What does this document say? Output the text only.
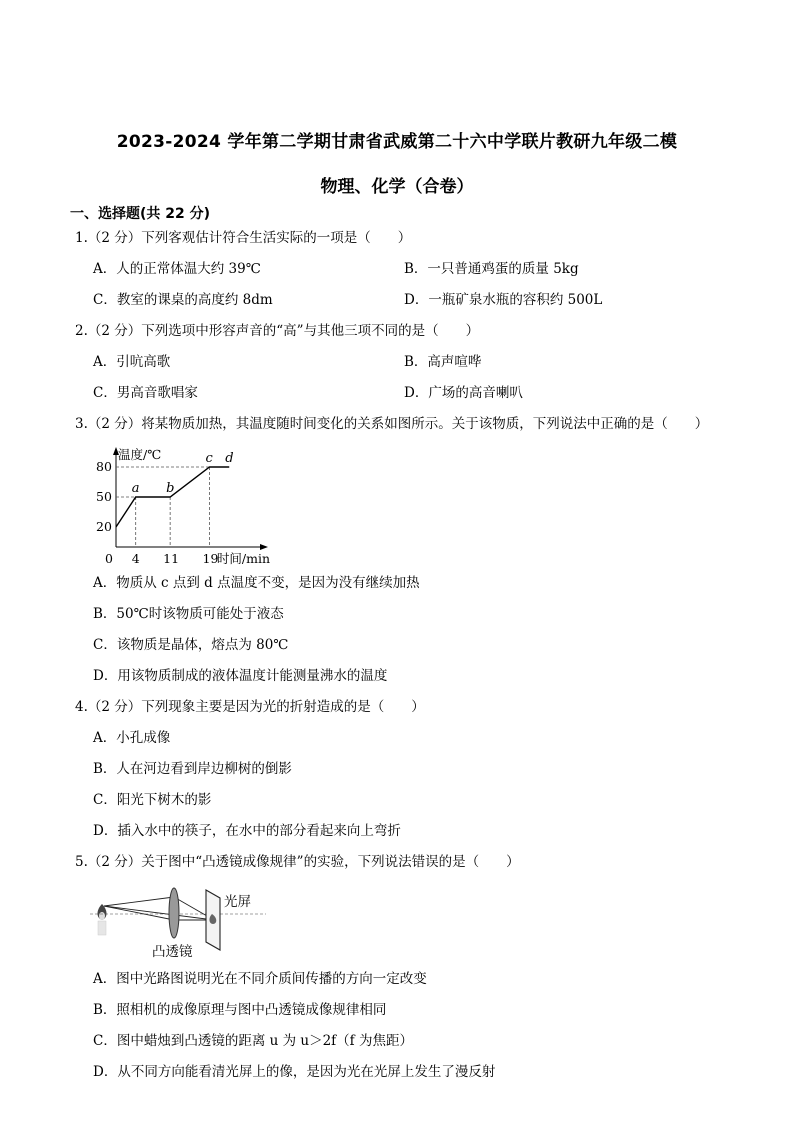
2023-2024 学年第二学期甘肃省武威第二十六中学联片教研九年级二模
物理、化学（合卷）
一、选择题(共 22 分)
1.（2 分）下列客观估计符合生活实际的一项是（　　）
A．人的正常体温大约 39℃	B．一只普通鸡蛋的质量 5kg
C．教室的课桌的高度约 8dm	D．一瓶矿泉水瓶的容积约 500L
2.（2 分）下列选项中形容声音的“高”与其他三项不同的是（　　）
A．引吭高歌	B．高声喧哗
C．男高音歌唱家	D．广场的高音喇叭
3.（2 分）将某物质加热，其温度随时间变化的关系如图所示。关于该物质，下列说法中正确的是（　　）
温度/℃
时间/min
0 4 11 19
20
50
80
a b
c d
A．物质从 c 点到 d 点温度不变，是因为没有继续加热
B．50℃时该物质可能处于液态
C．该物质是晶体，熔点为 80℃
D．用该物质制成的液体温度计能测量沸水的温度
4.（2 分）下列现象主要是因为光的折射造成的是（　　）
A．小孔成像
B．人在河边看到岸边柳树的倒影
C．阳光下树木的影
D．插入水中的筷子，在水中的部分看起来向上弯折
5.（2 分）关于图中“凸透镜成像规律”的实验，下列说法错误的是（　　）
光屏
凸透镜
A．图中光路图说明光在不同介质间传播的方向一定改变
B．照相机的成像原理与图中凸透镜成像规律相同
C．图中蜡烛到凸透镜的距离 u 为 u＞2f（f 为焦距）
D．从不同方向能看清光屏上的像，是因为光在光屏上发生了漫反射
